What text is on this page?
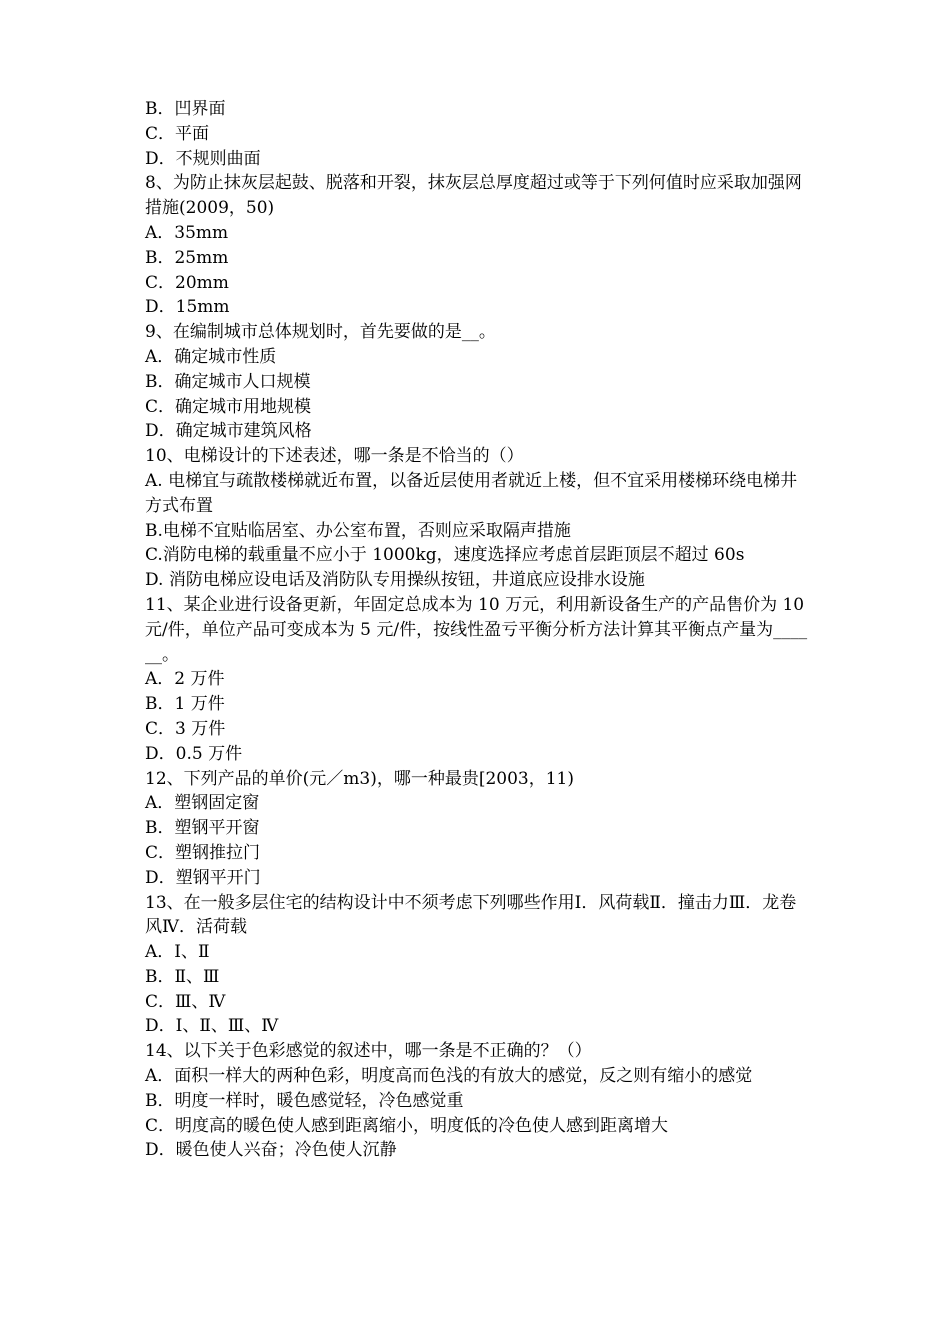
B．凹界面
C．平面
D．不规则曲面
8、为防止抹灰层起鼓、脱落和开裂，抹灰层总厚度超过或等于下列何值时应采取加强网措施(2009，50)
A．35mm
B．25mm
C．20mm
D．15mm
9、在编制城市总体规划时，首先要做的是__。
A．确定城市性质
B．确定城市人口规模
C．确定城市用地规模
D．确定城市建筑风格
10、电梯设计的下述表述，哪一条是不恰当的（）
A. 电梯宜与疏散楼梯就近布置，以备近层使用者就近上楼，但不宜采用楼梯环绕电梯井方式布置
B.电梯不宜贴临居室、办公室布置，否则应采取隔声措施
C.消防电梯的载重量不应小于 1000kg，速度选择应考虑首层距顶层不超过 60s
D. 消防电梯应设电话及消防队专用操纵按钮，井道底应设排水设施
11、某企业进行设备更新，年固定总成本为 10 万元，利用新设备生产的产品售价为 10 元/件，单位产品可变成本为 5 元/件，按线性盈亏平衡分析方法计算其平衡点产量为______。
A．2 万件
B．1 万件
C．3 万件
D．0.5 万件
12、下列产品的单价(元／m3)，哪一种最贵[2003，11)
A．塑钢固定窗
B．塑钢平开窗
C．塑钢推拉门
D．塑钢平开门
13、在一般多层住宅的结构设计中不须考虑下列哪些作用Ⅰ．风荷载Ⅱ．撞击力Ⅲ．龙卷风Ⅳ．活荷载
A．Ⅰ、Ⅱ
B．Ⅱ、Ⅲ
C．Ⅲ、Ⅳ
D．Ⅰ、Ⅱ、Ⅲ、Ⅳ
14、以下关于色彩感觉的叙述中，哪一条是不正确的？（）
A．面积一样大的两种色彩，明度高而色浅的有放大的感觉，反之则有缩小的感觉
B．明度一样时，暖色感觉轻，冷色感觉重
C．明度高的暖色使人感到距离缩小，明度低的冷色使人感到距离增大
D．暖色使人兴奋；冷色使人沉静
